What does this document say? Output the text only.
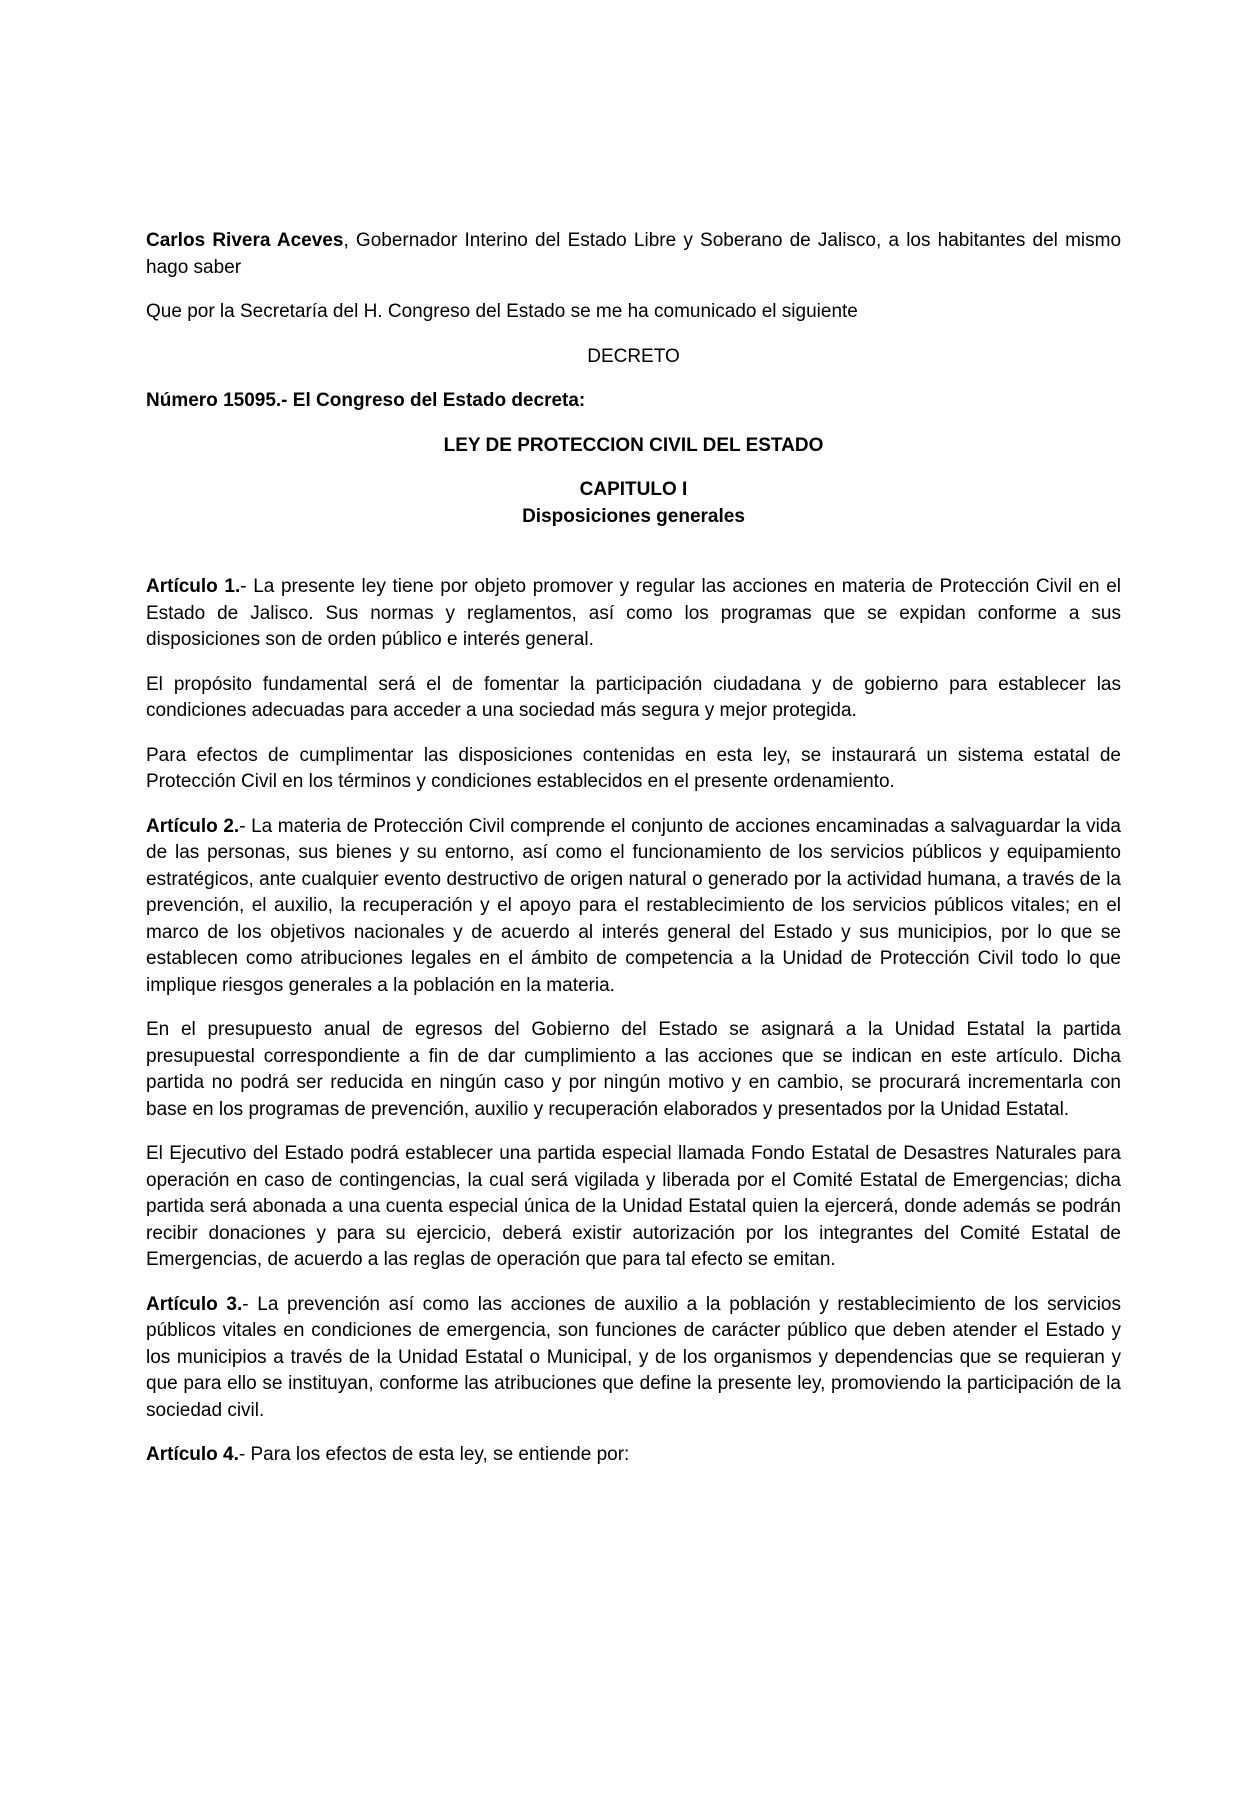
Carlos Rivera Aceves, Gobernador Interino del Estado Libre y Soberano de Jalisco, a los habitantes del mismo hago saber

Que por la Secretaría del H. Congreso del Estado se me ha comunicado el siguiente

DECRETO

Número 15095.- El Congreso del Estado decreta:

LEY DE PROTECCION CIVIL DEL ESTADO

CAPITULO I

Disposiciones generales

Artículo 1.- La presente ley tiene por objeto promover y regular las acciones en materia de Protección Civil en el Estado de Jalisco. Sus normas y reglamentos, así como los programas que se expidan conforme a sus disposiciones son de orden público e interés general.

El propósito fundamental será el de fomentar la participación ciudadana y de gobierno para establecer las condiciones adecuadas para acceder a una sociedad más segura y mejor protegida.

Para efectos de cumplimentar las disposiciones contenidas en esta ley, se instaurará un sistema estatal de Protección Civil en los términos y condiciones establecidos en el presente ordenamiento.

Artículo 2.- La materia de Protección Civil comprende el conjunto de acciones encaminadas a salvaguardar la vida de las personas, sus bienes y su entorno, así como el funcionamiento de los servicios públicos y equipamiento estratégicos, ante cualquier evento destructivo de origen natural o generado por la actividad humana, a través de la prevención, el auxilio, la recuperación y el apoyo para el restablecimiento de los servicios públicos vitales; en el marco de los objetivos nacionales y de acuerdo al interés general del Estado y sus municipios, por lo que se establecen como atribuciones legales en el ámbito de competencia a la Unidad de Protección Civil todo lo que implique riesgos generales a la población en la materia.

En el presupuesto anual de egresos del Gobierno del Estado se asignará a la Unidad Estatal la partida presupuestal correspondiente a fin de dar cumplimiento a las acciones que se indican en este artículo. Dicha partida no podrá ser reducida en ningún caso y por ningún motivo y en cambio, se procurará incrementarla con base en los programas de prevención, auxilio y recuperación elaborados y presentados por la Unidad Estatal.

El Ejecutivo del Estado podrá establecer una partida especial llamada Fondo Estatal de Desastres Naturales para operación en caso de contingencias, la cual será vigilada y liberada por el Comité Estatal de Emergencias; dicha partida será abonada a una cuenta especial única de la Unidad Estatal quien la ejercerá, donde además se podrán recibir donaciones y para su ejercicio, deberá existir autorización por los integrantes del Comité Estatal de Emergencias, de acuerdo a las reglas de operación que para tal efecto se emitan.

Artículo 3.- La prevención así como las acciones de auxilio a la población y restablecimiento de los servicios públicos vitales en condiciones de emergencia, son funciones de carácter público que deben atender el Estado y los municipios a través de la Unidad Estatal o Municipal, y de los organismos y dependencias que se requieran y que para ello se instituyan, conforme las atribuciones que define la presente ley, promoviendo la participación de la sociedad civil.

Artículo 4.- Para los efectos de esta ley, se entiende por:
